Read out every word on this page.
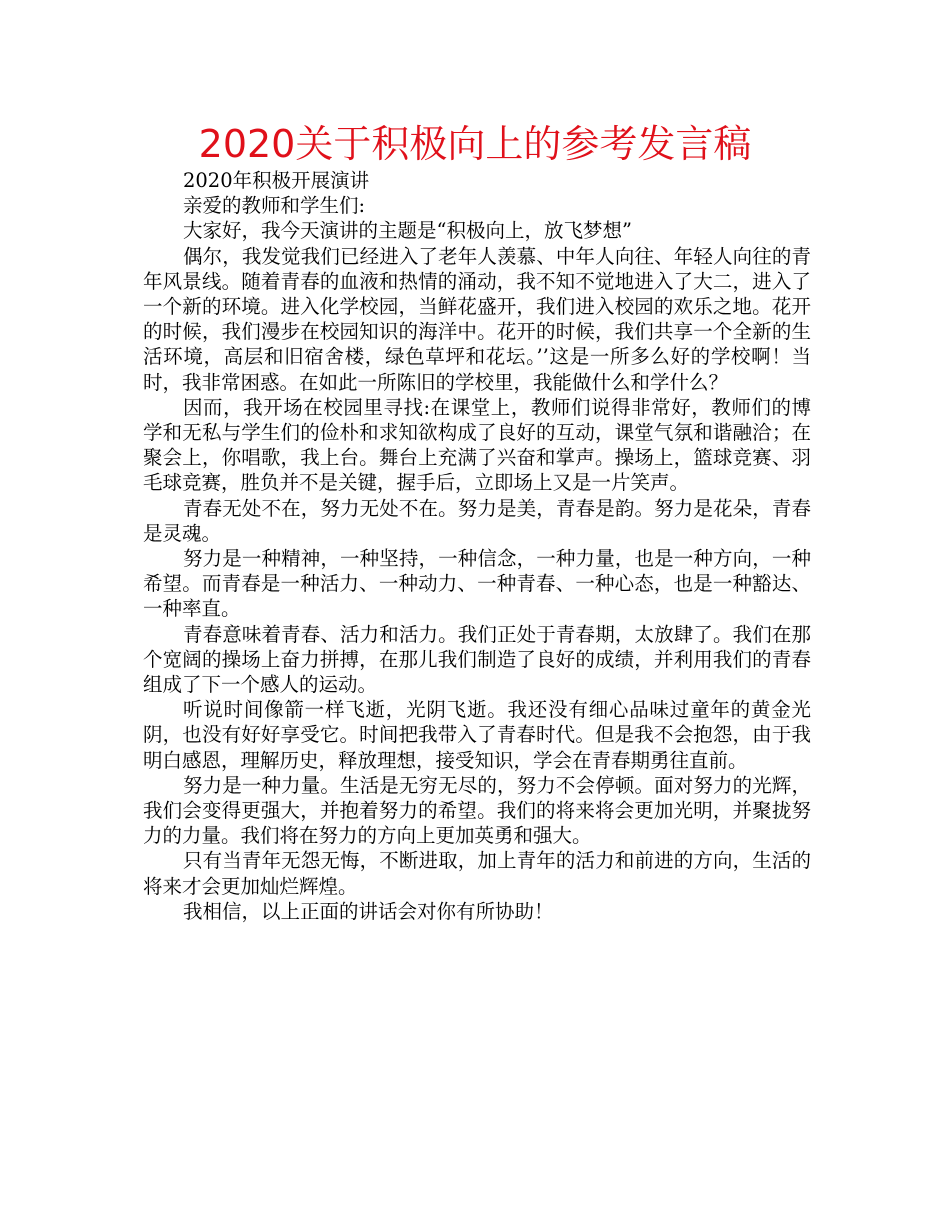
2020关于积极向上的参考发言稿

2020年积极开展演讲

亲爱的教师和学生们:

大家好，我今天演讲的主题是“积极向上，放飞梦想”

偶尔，我发觉我们已经进入了老年人羡慕、中年人向往、年轻人向往的青年风景线。随着青春的血液和热情的涌动，我不知不觉地进入了大二，进入了一个新的环境。进入化学校园，当鲜花盛开，我们进入校园的欢乐之地。花开的时候，我们漫步在校园知识的海洋中。花开的时候，我们共享一个全新的生活环境，高层和旧宿舍楼，绿色草坪和花坛。’’这是一所多么好的学校啊！当时，我非常困惑。在如此一所陈旧的学校里，我能做什么和学什么？

因而，我开场在校园里寻找:在课堂上，教师们说得非常好，教师们的博学和无私与学生们的俭朴和求知欲构成了良好的互动，课堂气氛和谐融洽；在聚会上，你唱歌，我上台。舞台上充满了兴奋和掌声。操场上，篮球竞赛、羽毛球竞赛，胜负并不是关键，握手后，立即场上又是一片笑声。

青春无处不在，努力无处不在。努力是美，青春是韵。努力是花朵，青春是灵魂。

努力是一种精神，一种坚持，一种信念，一种力量，也是一种方向，一种希望。而青春是一种活力、一种动力、一种青春、一种心态，也是一种豁达、一种率直。

青春意味着青春、活力和活力。我们正处于青春期，太放肆了。我们在那个宽阔的操场上奋力拼搏，在那儿我们制造了良好的成绩，并利用我们的青春组成了下一个感人的运动。

听说时间像箭一样飞逝，光阴飞逝。我还没有细心品味过童年的黄金光阴，也没有好好享受它。时间把我带入了青春时代。但是我不会抱怨，由于我明白感恩，理解历史，释放理想，接受知识，学会在青春期勇往直前。

努力是一种力量。生活是无穷无尽的，努力不会停顿。面对努力的光辉，我们会变得更强大，并抱着努力的希望。我们的将来将会更加光明，并聚拢努力的力量。我们将在努力的方向上更加英勇和强大。

只有当青年无怨无悔，不断进取，加上青年的活力和前进的方向，生活的将来才会更加灿烂辉煌。

我相信，以上正面的讲话会对你有所协助！
